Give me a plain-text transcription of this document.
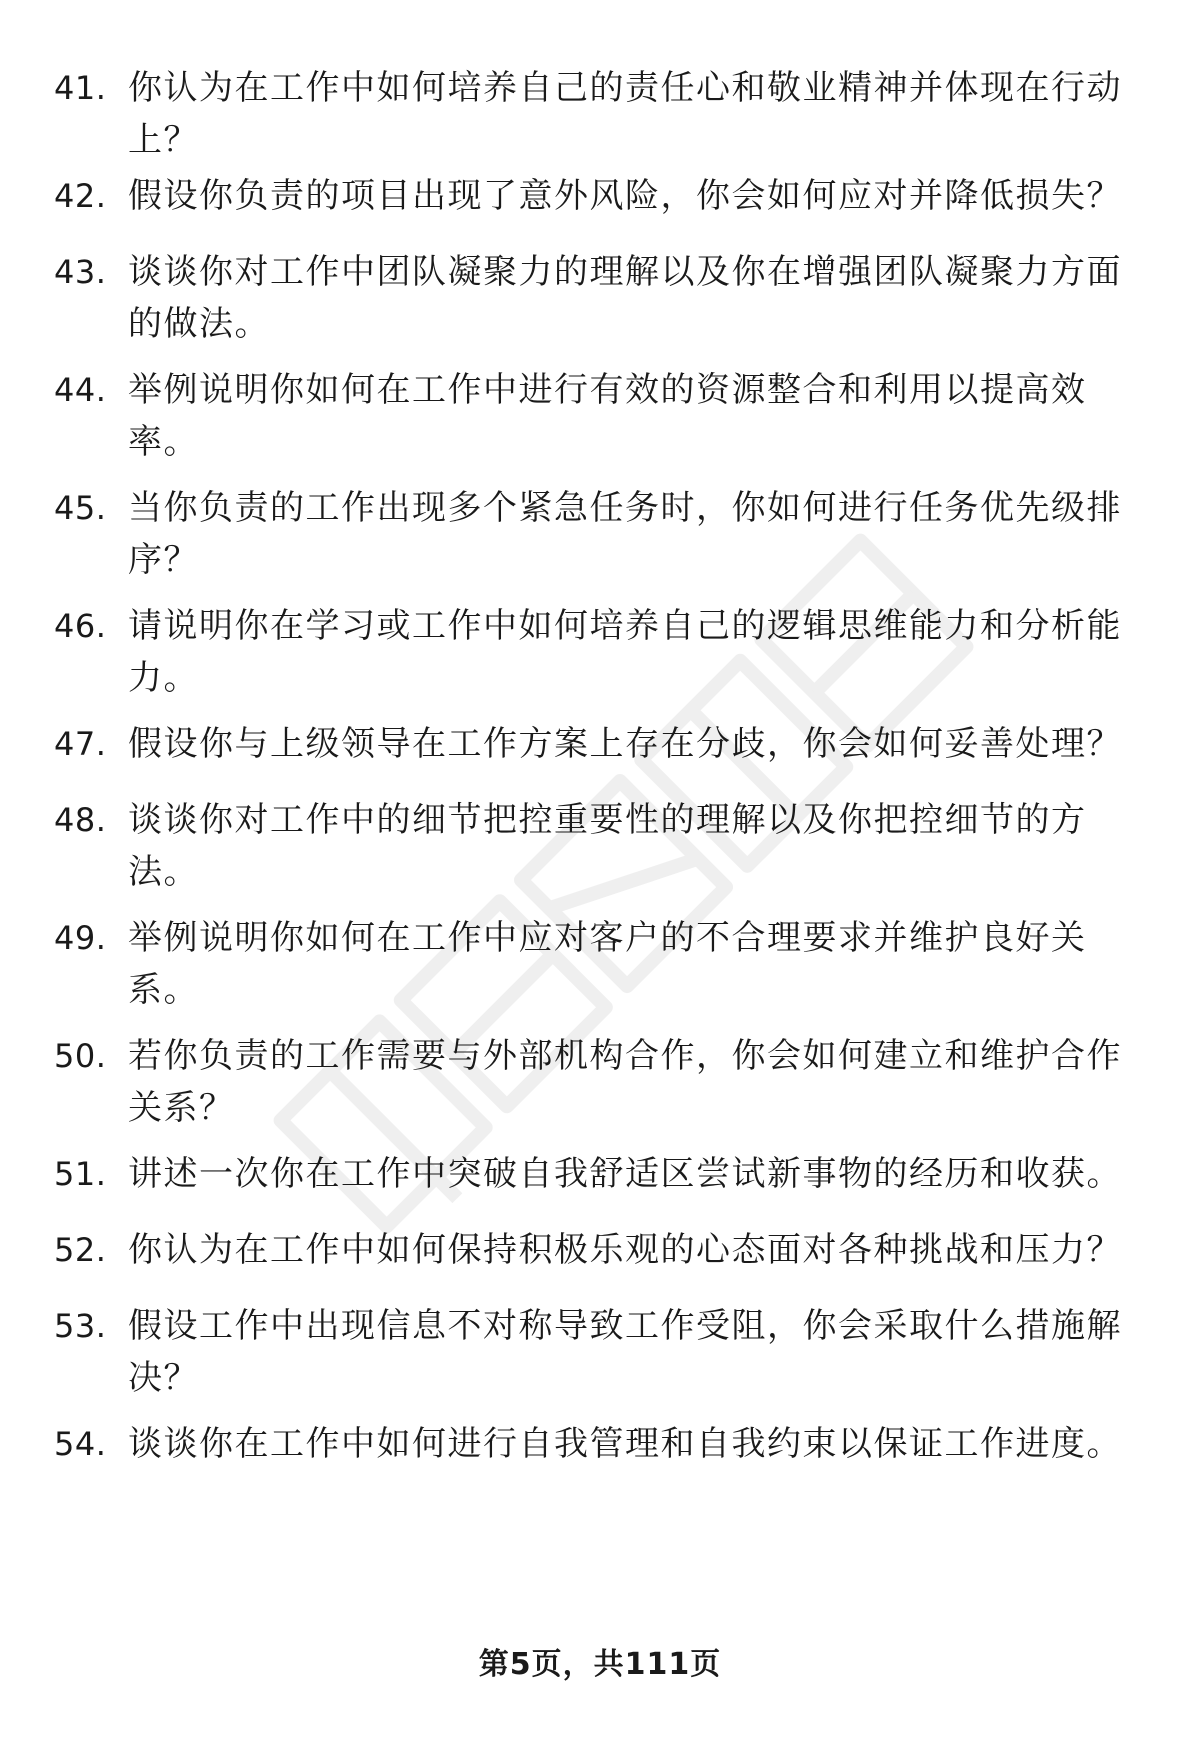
41. 你认为在工作中如何培养自己的责任心和敬业精神并体现在行动上？
42. 假设你负责的项目出现了意外风险，你会如何应对并降低损失？
43. 谈谈你对工作中团队凝聚力的理解以及你在增强团队凝聚力方面的做法。
44. 举例说明你如何在工作中进行有效的资源整合和利用以提高效率。
45. 当你负责的工作出现多个紧急任务时，你如何进行任务优先级排序？
46. 请说明你在学习或工作中如何培养自己的逻辑思维能力和分析能力。
47. 假设你与上级领导在工作方案上存在分歧，你会如何妥善处理？
48. 谈谈你对工作中的细节把控重要性的理解以及你把控细节的方法。
49. 举例说明你如何在工作中应对客户的不合理要求并维护良好关系。
50. 若你负责的工作需要与外部机构合作，你会如何建立和维护合作关系？
51. 讲述一次你在工作中突破自我舒适区尝试新事物的经历和收获。
52. 你认为在工作中如何保持积极乐观的心态面对各种挑战和压力？
53. 假设工作中出现信息不对称导致工作受阻，你会采取什么措施解决？
54. 谈谈你在工作中如何进行自我管理和自我约束以保证工作进度。
第5页，共111页
